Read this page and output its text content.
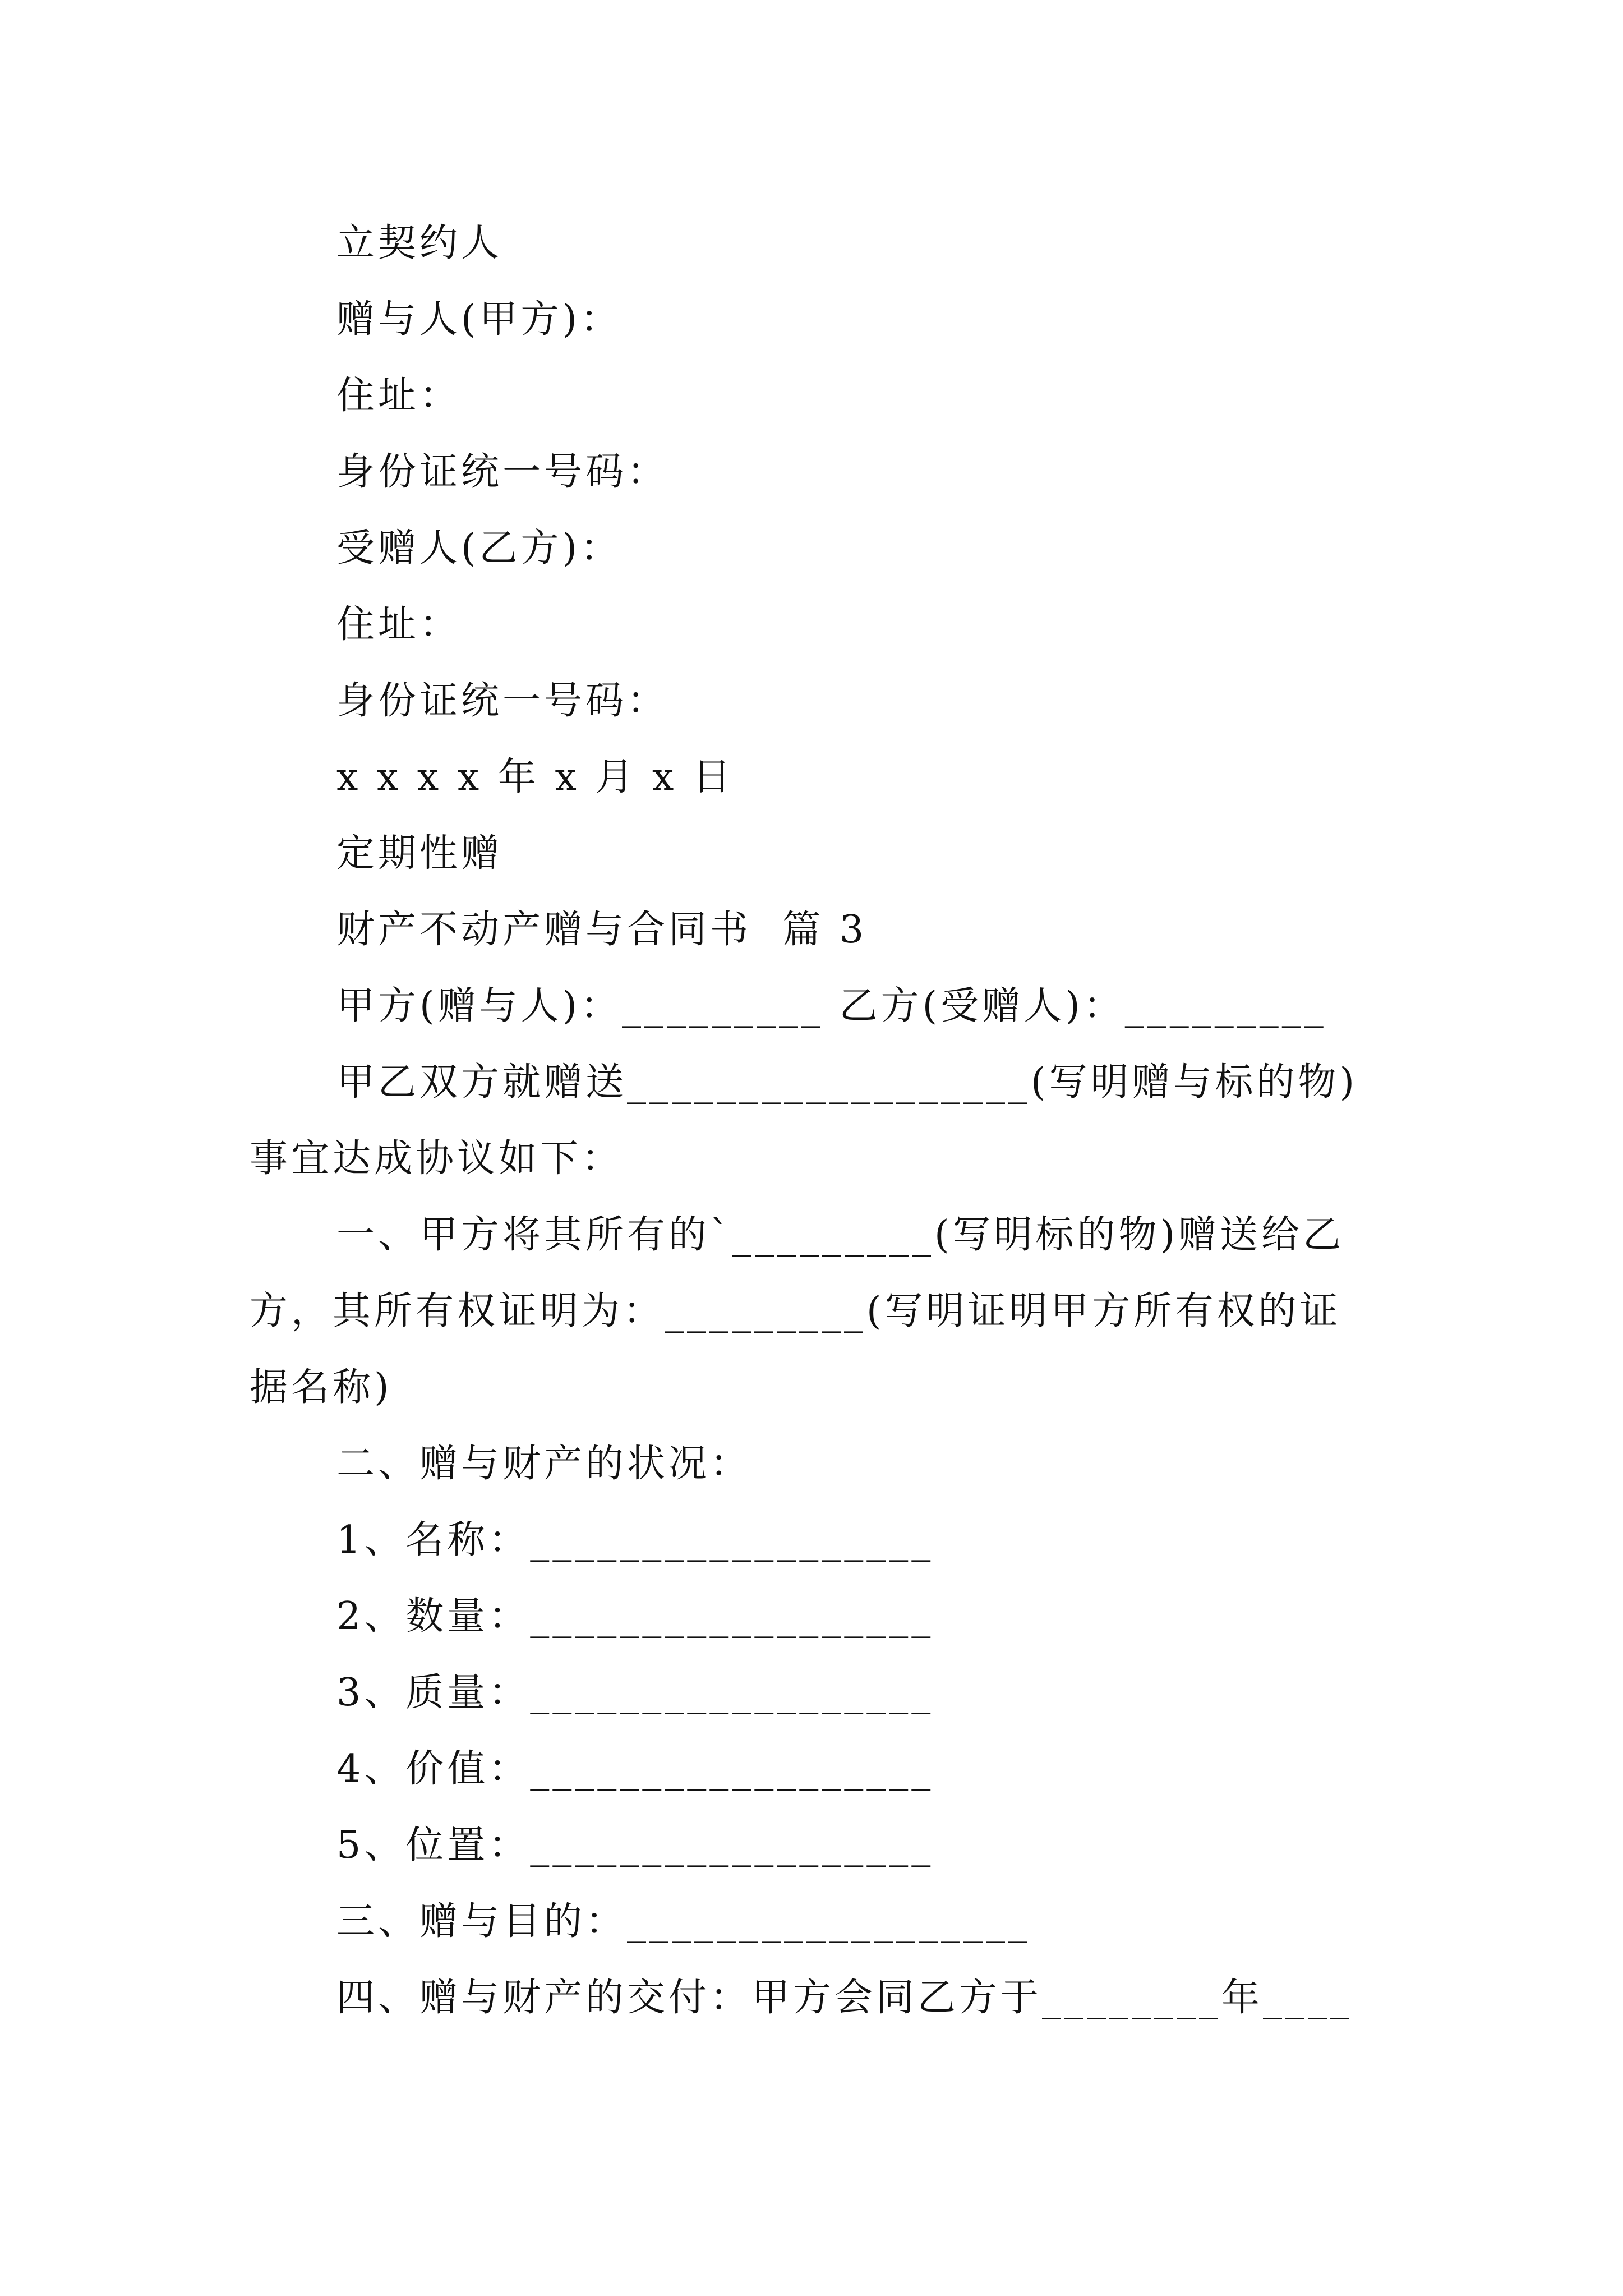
立契约人
赠与人(甲方)：
住址：
身份证统一号码：
受赠人(乙方)：
住址：
身份证统一号码：
x x x x 年 x 月 x 日
定期性赠
财产不动产赠与合同书  篇 3
甲方(赠与人)：_________ 乙方(受赠人)：_________
甲乙双方就赠送__________________(写明赠与标的物)
事宜达成协议如下：
一、甲方将其所有的`_________(写明标的物)赠送给乙
方，其所有权证明为：_________(写明证明甲方所有权的证
据名称)
二、赠与财产的状况：
1、名称：__________________
2、数量：__________________
3、质量：__________________
4、价值：__________________
5、位置：__________________
三、赠与目的：__________________
四、赠与财产的交付：甲方会同乙方于________年____
